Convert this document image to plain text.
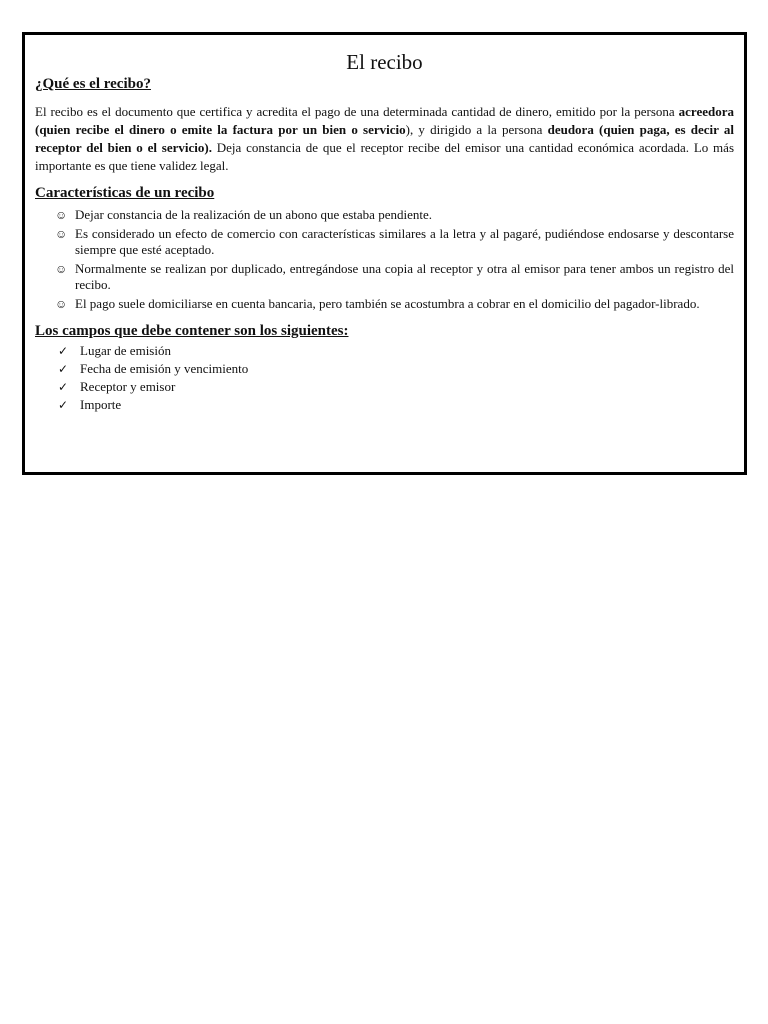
El recibo

¿Qué es el recibo?

El recibo es el documento que certifica y acredita el pago de una determinada cantidad de dinero, emitido por la persona acreedora (quien recibe el dinero o emite la factura por un bien o servicio), y dirigido a la persona deudora (quien paga, es decir al receptor del bien o el servicio). Deja constancia de que el receptor recibe del emisor una cantidad económica acordada. Lo más importante es que tiene validez legal.

Características de un recibo

☺ Dejar constancia de la realización de un abono que estaba pendiente.
☺ Es considerado un efecto de comercio con características similares a la letra y al pagaré, pudiéndose endosarse y descontarse siempre que esté aceptado.
☺ Normalmente se realizan por duplicado, entregándose una copia al receptor y otra al emisor para tener ambos un registro del recibo.
☺ El pago suele domiciliarse en cuenta bancaria, pero también se acostumbra a cobrar en el domicilio del pagador-librado.

Los campos que debe contener son los siguientes:

✓ Lugar de emisión
✓ Fecha de emisión y vencimiento
✓ Receptor y emisor
✓ Importe
